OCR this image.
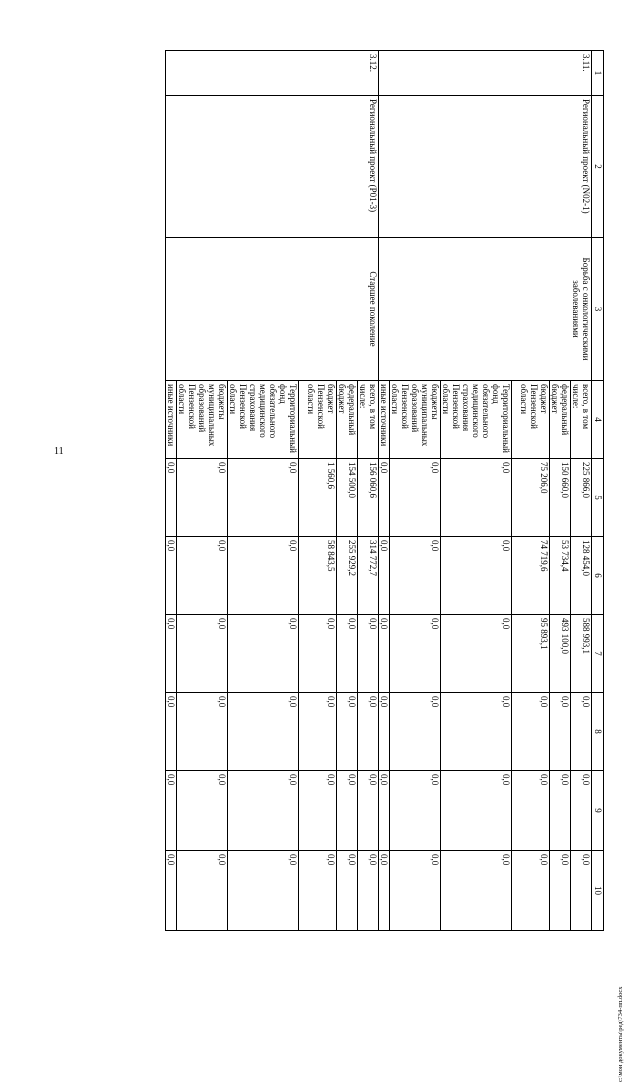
11
c:\мои документы\ред\734-пп.docx
1	2	3	4	5	6	7	8	9	10
3.11.	Региональный проект (N02-1)	Борьба с онкологическими заболеваниями	всего, в том числе:	225 866,0	128 454,0	588 993,1	0,0	0,0	0,0
			федеральный бюджет	150 660,0	53 734,4	493 100,0	0,0	0,0	0,0
			бюджет Пензенской области	75 206,0	74 719,6	95 893,1	0,0	0,0	0,0
			Территориальный фонд обязательного медицинского страхования Пензенской области	0,0	0,0	0,0	0,0	0,0	0,0
			бюджеты муниципальных образований Пензенской области	0,0	0,0	0,0	0,0	0,0	0,0
			иные источники	0,0	0,0	0,0	0,0	0,0	0,0
3.12.	Региональный проект (P01-3)	Старшее поколение	всего, в том числе:	156 060,6	314 772,7	0,0	0,0	0,0	0,0
			федеральный бюджет	154 500,0	255 929,2	0,0	0,0	0,0	0,0
			бюджет Пензенской области	1 560,6	58 843,5	0,0	0,0	0,0	0,0
			Территориальный фонд обязательного медицинского страхования Пензенской области	0,0	0,0	0,0	0,0	0,0	0,0
			бюджеты муниципальных образований Пензенской области	0,0	0,0	0,0	0,0	0,0	0,0
			иные источники	0,0	0,0	0,0	0,0	0,0	0,0
